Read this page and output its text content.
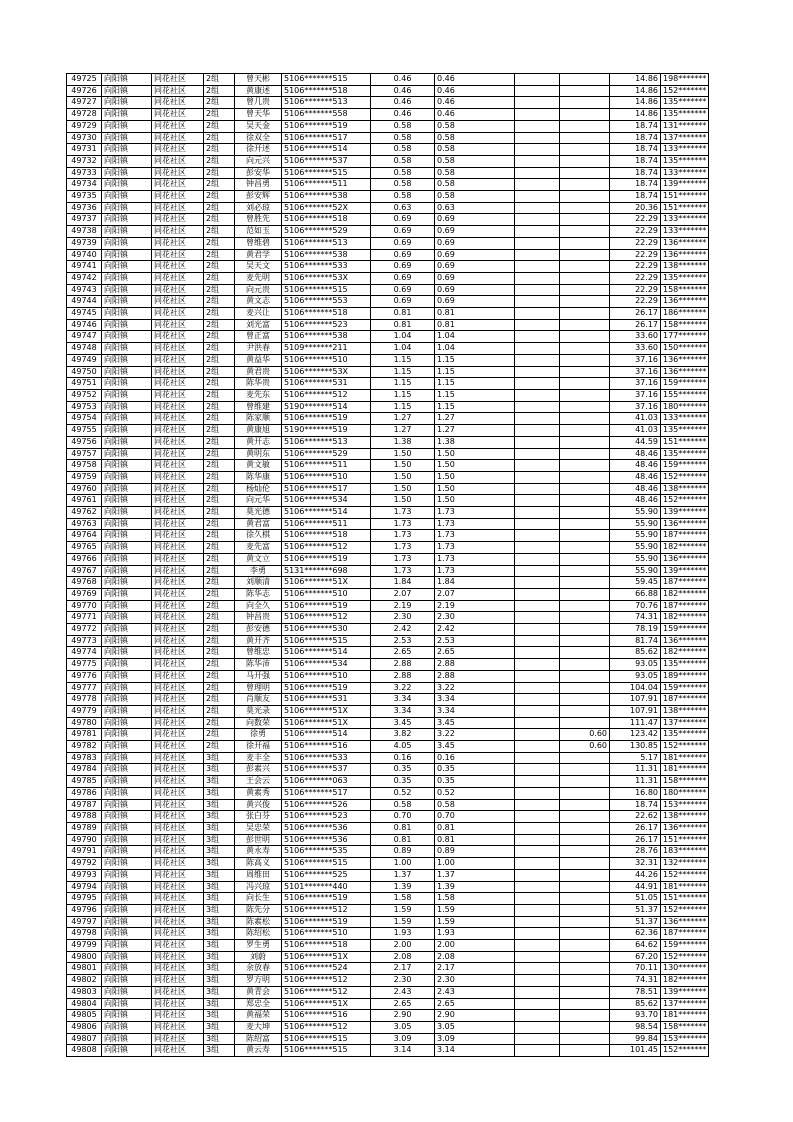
49725	向阳镇	同花社区	2组	曾天彬	5106*******515	0.46	0.46			14.86	198*******
49726	向阳镇	同花社区	2组	黄康述	5106*******518	0.46	0.46			14.86	152*******
49727	向阳镇	同花社区	2组	曾几贵	5106*******513	0.46	0.46			14.86	135*******
49728	向阳镇	同花社区	2组	曾天华	5106*******558	0.46	0.46			14.86	135*******
49729	向阳镇	同花社区	2组	吴天金	5106*******519	0.58	0.58			18.74	131*******
49730	向阳镇	同花社区	2组	徐双全	5106*******517	0.58	0.58			18.74	137*******
49731	向阳镇	同花社区	2组	徐开述	5106*******514	0.58	0.58			18.74	133*******
49732	向阳镇	同花社区	2组	向元兴	5106*******537	0.58	0.58			18.74	135*******
49733	向阳镇	同花社区	2组	彭安华	5106*******515	0.58	0.58			18.74	133*******
49734	向阳镇	同花社区	2组	钟昌勇	5106*******511	0.58	0.58			18.74	139*******
49735	向阳镇	同花社区	2组	彭安辉	5106*******538	0.58	0.58			18.74	151*******
49736	向阳镇	同花社区	2组	刘必琼	5106*******52X	0.63	0.63			20.36	151*******
49737	向阳镇	同花社区	2组	曾胜先	5106*******518	0.69	0.69			22.29	133*******
49738	向阳镇	同花社区	2组	范如玉	5106*******529	0.69	0.69			22.29	133*******
49739	向阳镇	同花社区	2组	曾维碧	5106*******513	0.69	0.69			22.29	136*******
49740	向阳镇	同花社区	2组	黄君学	5106*******538	0.69	0.69			22.29	136*******
49741	向阳镇	同花社区	2组	吴天文	5106*******533	0.69	0.69			22.29	138*******
49742	向阳镇	同花社区	2组	麦先明	5106*******53X	0.69	0.69			22.29	135*******
49743	向阳镇	同花社区	2组	向元贵	5106*******515	0.69	0.69			22.29	158*******
49744	向阳镇	同花社区	2组	黄文志	5106*******553	0.69	0.69			22.29	136*******
49745	向阳镇	同花社区	2组	麦兴让	5106*******518	0.81	0.81			26.17	186*******
49746	向阳镇	同花社区	2组	刘光富	5106*******523	0.81	0.81			26.17	158*******
49747	向阳镇	同花社区	2组	曾正富	5106*******538	1.04	1.04			33.60	177*******
49748	向阳镇	同花社区	2组	尹洪春	5109*******211	1.04	1.04			33.60	150*******
49749	向阳镇	同花社区	2组	黄益华	5106*******510	1.15	1.15			37.16	136*******
49750	向阳镇	同花社区	2组	黄君贵	5106*******53X	1.15	1.15			37.16	136*******
49751	向阳镇	同花社区	2组	陈华贵	5106*******531	1.15	1.15			37.16	159*******
49752	向阳镇	同花社区	2组	麦先东	5106*******512	1.15	1.15			37.16	155*******
49753	向阳镇	同花社区	2组	曾维建	5190*******514	1.15	1.15			37.16	180*******
49754	向阳镇	同花社区	2组	陈家顺	5106*******519	1.27	1.27			41.03	133*******
49755	向阳镇	同花社区	2组	黄康旭	5190*******519	1.27	1.27			41.03	135*******
49756	向阳镇	同花社区	2组	黄开志	5106*******513	1.38	1.38			44.59	151*******
49757	向阳镇	同花社区	2组	黄明东	5106*******529	1.50	1.50			48.46	135*******
49758	向阳镇	同花社区	2组	黄文敏	5106*******511	1.50	1.50			48.46	159*******
49759	向阳镇	同花社区	2组	陈华康	5106*******510	1.50	1.50			48.46	152*******
49760	向阳镇	同花社区	2组	杨灿伦	5106*******517	1.50	1.50			48.46	138*******
49761	向阳镇	同花社区	2组	向元华	5106*******534	1.50	1.50			48.46	152*******
49762	向阳镇	同花社区	2组	莫光德	5106*******514	1.73	1.73			55.90	139*******
49763	向阳镇	同花社区	2组	黄君富	5106*******511	1.73	1.73			55.90	136*******
49764	向阳镇	同花社区	2组	徐久棋	5106*******518	1.73	1.73			55.90	187*******
49765	向阳镇	同花社区	2组	麦先富	5106*******512	1.73	1.73			55.90	182*******
49766	向阳镇	同花社区	2组	黄文立	5106*******519	1.73	1.73			55.90	136*******
49767	向阳镇	同花社区	2组	李勇	5131*******698	1.73	1.73			55.90	139*******
49768	向阳镇	同花社区	2组	刘顺清	5106*******51X	1.84	1.84			59.45	187*******
49769	向阳镇	同花社区	2组	陈华志	5106*******510	2.07	2.07			66.88	182*******
49770	向阳镇	同花社区	2组	向全久	5106*******519	2.19	2.19			70.76	187*******
49771	向阳镇	同花社区	2组	钟昌贵	5106*******512	2.30	2.30			74.31	182*******
49772	向阳镇	同花社区	2组	彭安德	5106*******530	2.42	2.42			78.19	159*******
49773	向阳镇	同花社区	2组	黄开齐	5106*******515	2.53	2.53			81.74	136*******
49774	向阳镇	同花社区	2组	曾维忠	5106*******514	2.65	2.65			85.62	182*******
49775	向阳镇	同花社区	2组	陈华沛	5106*******534	2.88	2.88			93.05	135*******
49776	向阳镇	同花社区	2组	马开强	5106*******510	2.88	2.88			93.05	189*******
49777	向阳镇	同花社区	2组	曾理明	5106*******519	3.22	3.22			104.04	159*******
49778	向阳镇	同花社区	2组	肖顺友	5106*******531	3.34	3.34			107.91	187*******
49779	向阳镇	同花社区	2组	莫光录	5106*******51X	3.34	3.34			107.91	138*******
49780	向阳镇	同花社区	2组	向数荣	5106*******51X	3.45	3.45			111.47	137*******
49781	向阳镇	同花社区	2组	徐勇	5106*******514	3.82	3.22		0.60	123.42	135*******
49782	向阳镇	同花社区	2组	徐开福	5106*******516	4.05	3.45		0.60	130.85	152*******
49783	向阳镇	同花社区	3组	麦丰全	5106*******533	0.16	0.16			5.17	181*******
49784	向阳镇	同花社区	3组	彭素兴	5106*******537	0.35	0.35			11.31	181*******
49785	向阳镇	同花社区	3组	王会云	5106*******063	0.35	0.35			11.31	158*******
49786	向阳镇	同花社区	3组	黄素秀	5106*******517	0.52	0.52			16.80	180*******
49787	向阳镇	同花社区	3组	黄兴俊	5106*******526	0.58	0.58			18.74	153*******
49788	向阳镇	同花社区	3组	张白芬	5106*******523	0.70	0.70			22.62	138*******
49789	向阳镇	同花社区	3组	吴忠荣	5106*******536	0.81	0.81			26.17	136*******
49790	向阳镇	同花社区	3组	彭世明	5106*******536	0.81	0.81			26.17	151*******
49791	向阳镇	同花社区	3组	黄永寿	5106*******535	0.89	0.89			28.76	183*******
49792	向阳镇	同花社区	3组	陈高义	5106*******515	1.00	1.00			32.31	132*******
49793	向阳镇	同花社区	3组	周维田	5106*******525	1.37	1.37			44.26	152*******
49794	向阳镇	同花社区	3组	冯兴琼	5101*******440	1.39	1.39			44.91	181*******
49795	向阳镇	同花社区	3组	向长生	5106*******519	1.58	1.58			51.05	151*******
49796	向阳镇	同花社区	3组	陈先分	5106*******512	1.59	1.59			51.37	152*******
49797	向阳镇	同花社区	3组	陈素松	5106*******519	1.59	1.59			51.37	136*******
49798	向阳镇	同花社区	3组	陈绍松	5106*******510	1.93	1.93			62.36	187*******
49799	向阳镇	同花社区	3组	罗生勇	5106*******518	2.00	2.00			64.62	159*******
49800	向阳镇	同花社区	3组	刘蔚	5106*******51X	2.08	2.08			67.20	152*******
49801	向阳镇	同花社区	3组	余放春	5106*******524	2.17	2.17			70.11	130*******
49802	向阳镇	同花社区	3组	罗方明	5106*******512	2.30	2.30			74.31	182*******
49803	向阳镇	同花社区	3组	黄青会	5106*******512	2.43	2.43			78.51	139*******
49804	向阳镇	同花社区	3组	郑忠全	5106*******51X	2.65	2.65			85.62	137*******
49805	向阳镇	同花社区	3组	黄福荣	5106*******516	2.90	2.90			93.70	181*******
49806	向阳镇	同花社区	3组	麦大坤	5106*******512	3.05	3.05			98.54	158*******
49807	向阳镇	同花社区	3组	陈绍富	5106*******515	3.09	3.09			99.84	153*******
49808	向阳镇	同花社区	3组	黄云寿	5106*******515	3.14	3.14			101.45	152*******
